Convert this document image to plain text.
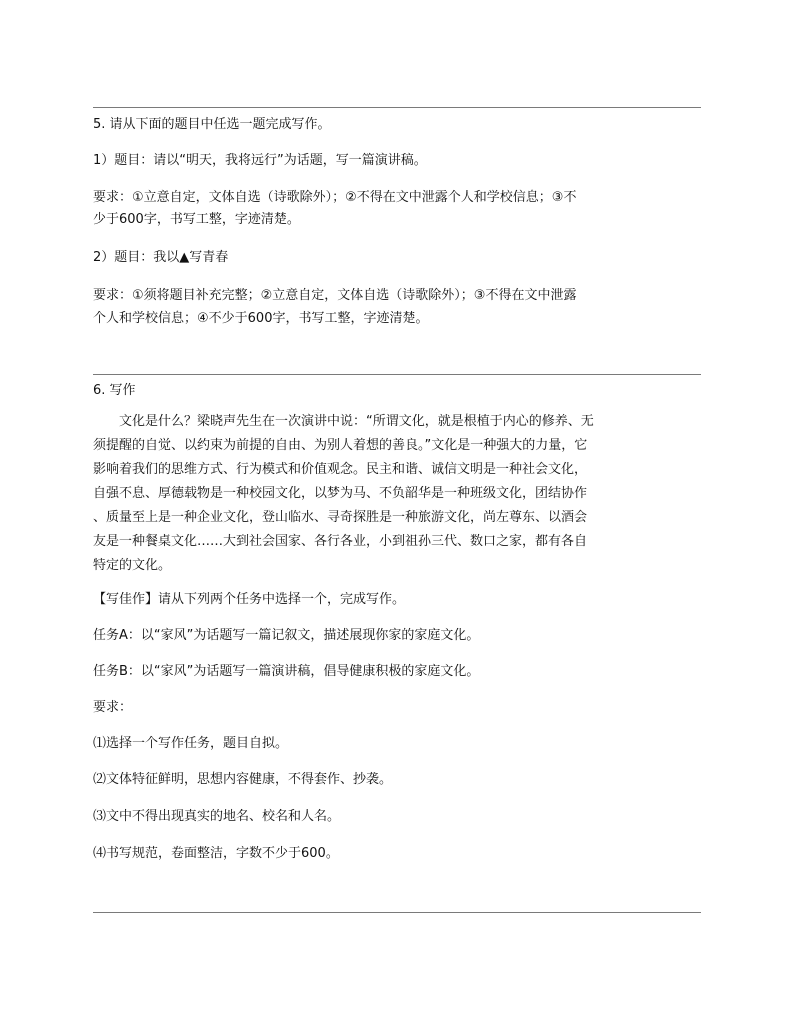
5. 请从下面的题目中任选一题完成写作。
1）题目：请以“明天，我将远行”为话题，写一篇演讲稿。
要求：①立意自定，文体自选（诗歌除外）；②不得在文中泄露个人和学校信息；③不
少于600字，书写工整，字迹清楚。
2）题目：我以▲写青春
要求：①须将题目补充完整；②立意自定，文体自选（诗歌除外）；③不得在文中泄露
个人和学校信息；④不少于600字，书写工整，字迹清楚。
6. 写作
文化是什么？梁晓声先生在一次演讲中说：“所谓文化，就是根植于内心的修养、无
须提醒的自觉、以约束为前提的自由、为别人着想的善良。”文化是一种强大的力量，它
影响着我们的思维方式、行为模式和价值观念。民主和谐、诚信文明是一种社会文化，
自强不息、厚德载物是一种校园文化，以梦为马、不负韶华是一种班级文化，团结协作
、质量至上是一种企业文化，登山临水、寻奇探胜是一种旅游文化，尚左尊东、以酒会
友是一种餐桌文化……大到社会国家、各行各业，小到祖孙三代、数口之家，都有各自
特定的文化。
【写佳作】请从下列两个任务中选择一个，完成写作。
任务A：以“家风”为话题写一篇记叙文，描述展现你家的家庭文化。
任务B：以“家风”为话题写一篇演讲稿，倡导健康积极的家庭文化。
要求：
⑴选择一个写作任务，题目自拟。
⑵文体特征鲜明，思想内容健康，不得套作、抄袭。
⑶文中不得出现真实的地名、校名和人名。
⑷书写规范，卷面整洁，字数不少于600。
